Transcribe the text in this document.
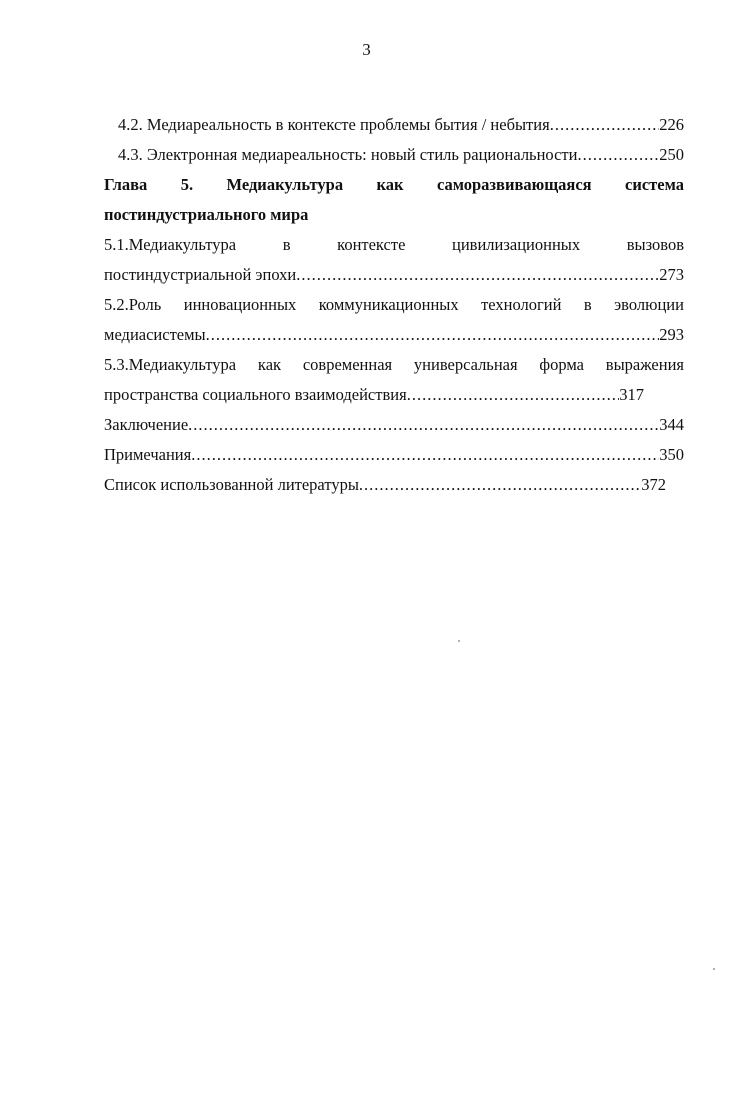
3
4.2. Медиареальность в контексте проблемы бытия / небытия .....	226
4.3. Электронная медиареальность: новый стиль рациональности .....	250
Глава 5. Медиакультура как саморазвивающаяся система
постиндустриального мира
5.1.Медиакультура	в	контексте	цивилизационных	вызовов
постиндустриальной эпохи .....	273
5.2.Роль инновационных коммуникационных технологий в эволюции
медиасистемы .....	293
5.3.Медиакультура как современная универсальная форма выражения
пространства социального взаимодействия .....	317
Заключение .....	344
Примечания .....	350
Список использованной литературы .....	372
